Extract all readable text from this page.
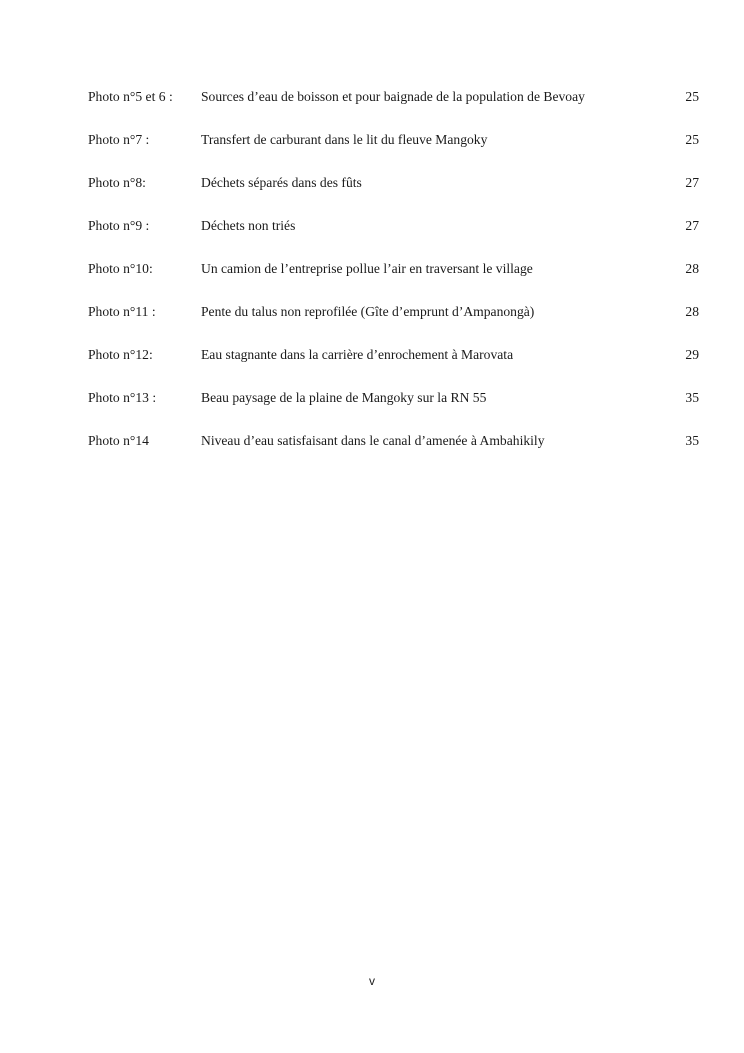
Photo n°5 et 6 : Sources d’eau de boisson et pour baignade de la population de Bevoay	25
Photo n°7 :	Transfert de carburant dans le lit du fleuve Mangoky	25
Photo n°8:	Déchets séparés dans des fûts	27
Photo n°9 :	Déchets non triés	27
Photo n°10:	Un camion de l’entreprise pollue l’air en traversant le village	28
Photo n°11 :	Pente du talus non reprofilée (Gîte d’emprunt d’Ampanongà)	28
Photo n°12:	Eau stagnante dans la carrière d’enrochement à Marovata	29
Photo n°13 :	Beau paysage de la plaine de Mangoky sur la RN 55	35
Photo n°14	Niveau d’eau satisfaisant dans le canal d’amenée à Ambahikily	35
v
